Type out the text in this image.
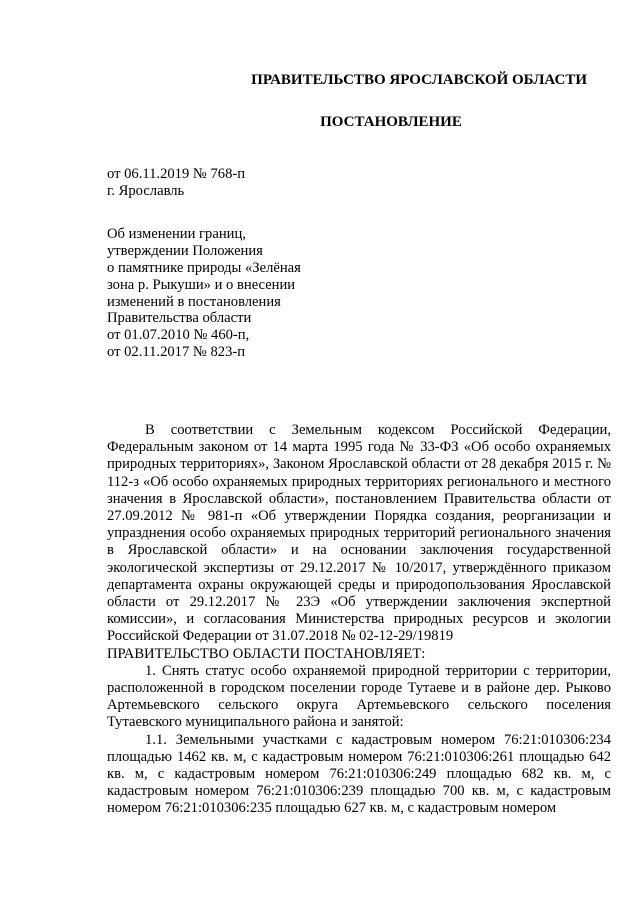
ПРАВИТЕЛЬСТВО ЯРОСЛАВСКОЙ ОБЛАСТИ
ПОСТАНОВЛЕНИЕ
от 06.11.2019 № 768-п
г. Ярославль
Об изменении границ,
утверждении Положения
о памятнике природы «Зелёная
зона р. Рыкуши» и о внесении
изменений в постановления
Правительства области
от 01.07.2010 № 460-п,
от 02.11.2017 № 823-п

В соответствии с Земельным кодексом Российской Федерации, Федеральным законом от 14 марта 1995 года № 33-ФЗ «Об особо охраняемых природных территориях», Законом Ярославской области от 28 декабря 2015 г. № 112-з «Об особо охраняемых природных территориях регионального и местного значения в Ярославской области», постановлением Правительства области от 27.09.2012 № 981-п «Об утверждении Порядка создания, реорганизации и упразднения особо охраняемых природных территорий регионального значения в Ярославской области» и на основании заключения государственной экологической экспертизы от 29.12.2017 № 10/2017, утверждённого приказом департамента охраны окружающей среды и природопользования Ярославской области от 29.12.2017 № 23Э «Об утверждении заключения экспертной комиссии», и согласования Министерства природных ресурсов и экологии Российской Федерации от 31.07.2018 № 02-12-29/19819

ПРАВИТЕЛЬСТВО ОБЛАСТИ ПОСТАНОВЛЯЕТ:

1. Снять статус особо охраняемой природной территории с территории, расположенной в городском поселении городе Тутаеве и в районе дер. Рыково Артемьевского сельского округа Артемьевского сельского поселения Тутаевского муниципального района и занятой:

1.1. Земельными участками с кадастровым номером 76:21:010306:234 площадью 1462 кв. м, с кадастровым номером 76:21:010306:261 площадью 642 кв. м, с кадастровым номером 76:21:010306:249 площадью 682 кв. м, с кадастровым номером 76:21:010306:239 площадью 700 кв. м, с кадастровым номером 76:21:010306:235 площадью 627 кв. м, с кадастровым номером
